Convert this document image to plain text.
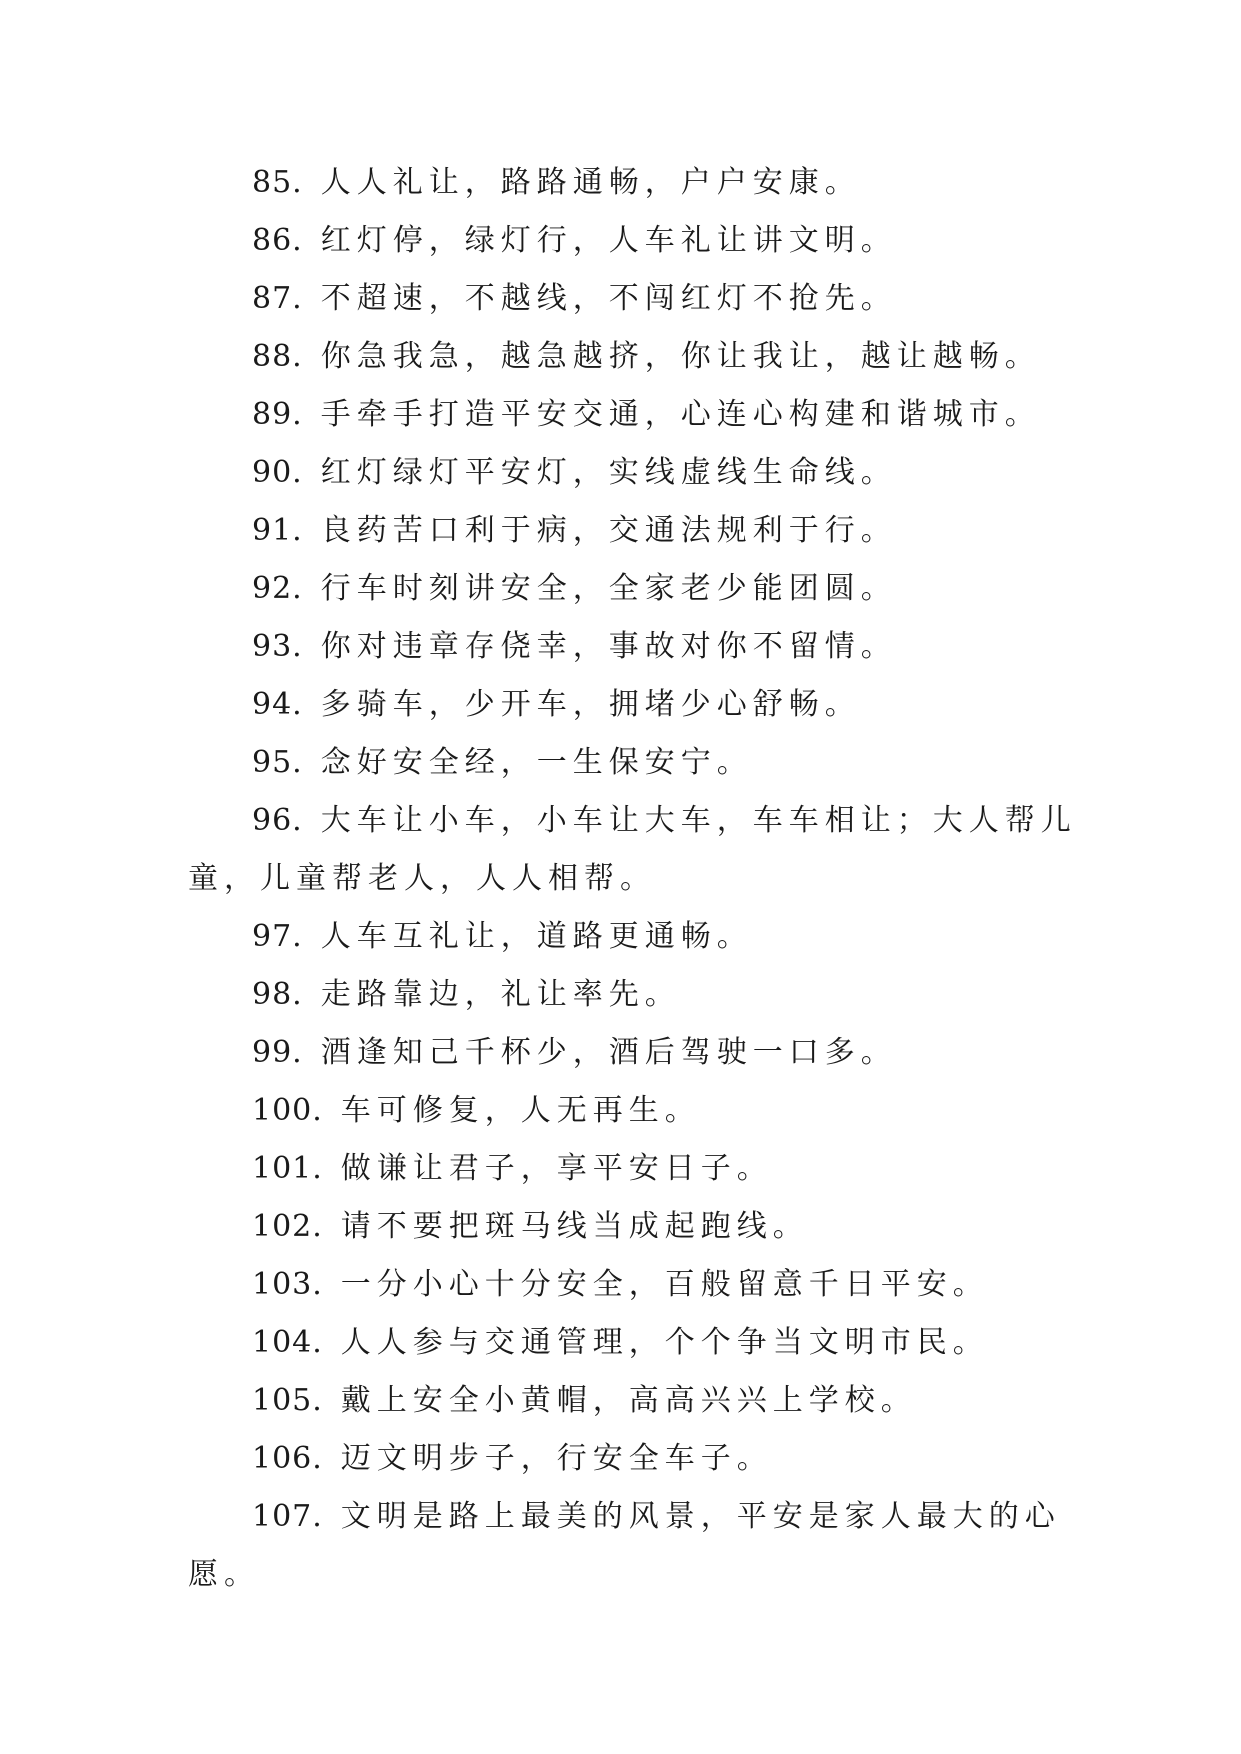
85. 人人礼让，路路通畅，户户安康。

86. 红灯停，绿灯行，人车礼让讲文明。

87. 不超速，不越线，不闯红灯不抢先。

88. 你急我急，越急越挤，你让我让，越让越畅。

89. 手牵手打造平安交通，心连心构建和谐城市。

90. 红灯绿灯平安灯，实线虚线生命线。

91. 良药苦口利于病，交通法规利于行。

92. 行车时刻讲安全，全家老少能团圆。

93. 你对违章存侥幸，事故对你不留情。

94. 多骑车，少开车，拥堵少心舒畅。

95. 念好安全经，一生保安宁。

96. 大车让小车，小车让大车，车车相让；大人帮儿童，儿童帮老人，人人相帮。

97. 人车互礼让，道路更通畅。

98. 走路靠边，礼让率先。

99. 酒逢知己千杯少，酒后驾驶一口多。

100. 车可修复，人无再生。

101. 做谦让君子，享平安日子。

102. 请不要把斑马线当成起跑线。

103. 一分小心十分安全，百般留意千日平安。

104. 人人参与交通管理，个个争当文明市民。

105. 戴上安全小黄帽，高高兴兴上学校。

106. 迈文明步子，行安全车子。

107. 文明是路上最美的风景，平安是家人最大的心愿。
